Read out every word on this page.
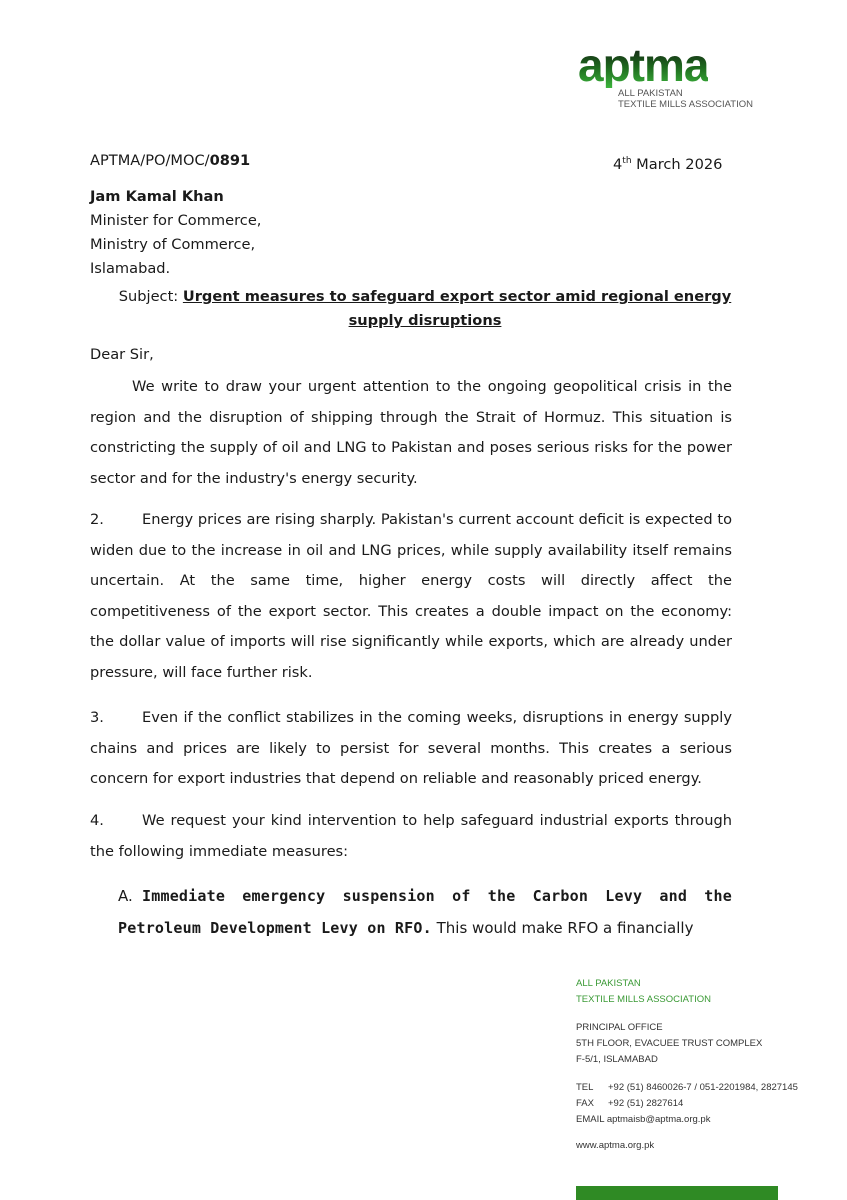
aptma
ALL PAKISTAN
TEXTILE MILLS ASSOCIATION
APTMA/PO/MOC/0891	4th March 2026
Jam Kamal Khan
Minister for Commerce,
Ministry of Commerce,
Islamabad.
Subject: Urgent measures to safeguard export sector amid regional energy
supply disruptions
Dear Sir,
We write to draw your urgent attention to the ongoing geopolitical crisis in the region and the disruption of shipping through the Strait of Hormuz. This situation is constricting the supply of oil and LNG to Pakistan and poses serious risks for the power sector and for the industry's energy security.
2.	Energy prices are rising sharply. Pakistan's current account deficit is expected to widen due to the increase in oil and LNG prices, while supply availability itself remains uncertain. At the same time, higher energy costs will directly affect the competitiveness of the export sector. This creates a double impact on the economy: the dollar value of imports will rise significantly while exports, which are already under pressure, will face further risk.
3.	Even if the conflict stabilizes in the coming weeks, disruptions in energy supply chains and prices are likely to persist for several months. This creates a serious concern for export industries that depend on reliable and reasonably priced energy.
4.	We request your kind intervention to help safeguard industrial exports through the following immediate measures:
A. Immediate emergency suspension of the Carbon Levy and the Petroleum Development Levy on RFO. This would make RFO a financially
ALL PAKISTAN
TEXTILE MILLS ASSOCIATION
PRINCIPAL OFFICE
5TH FLOOR, EVACUEE TRUST COMPLEX
F-5/1, ISLAMABAD
TEL +92 (51) 8460026-7 / 051-2201984, 2827145
FAX +92 (51) 2827614
EMAIL aptmaisb@aptma.org.pk
www.aptma.org.pk
